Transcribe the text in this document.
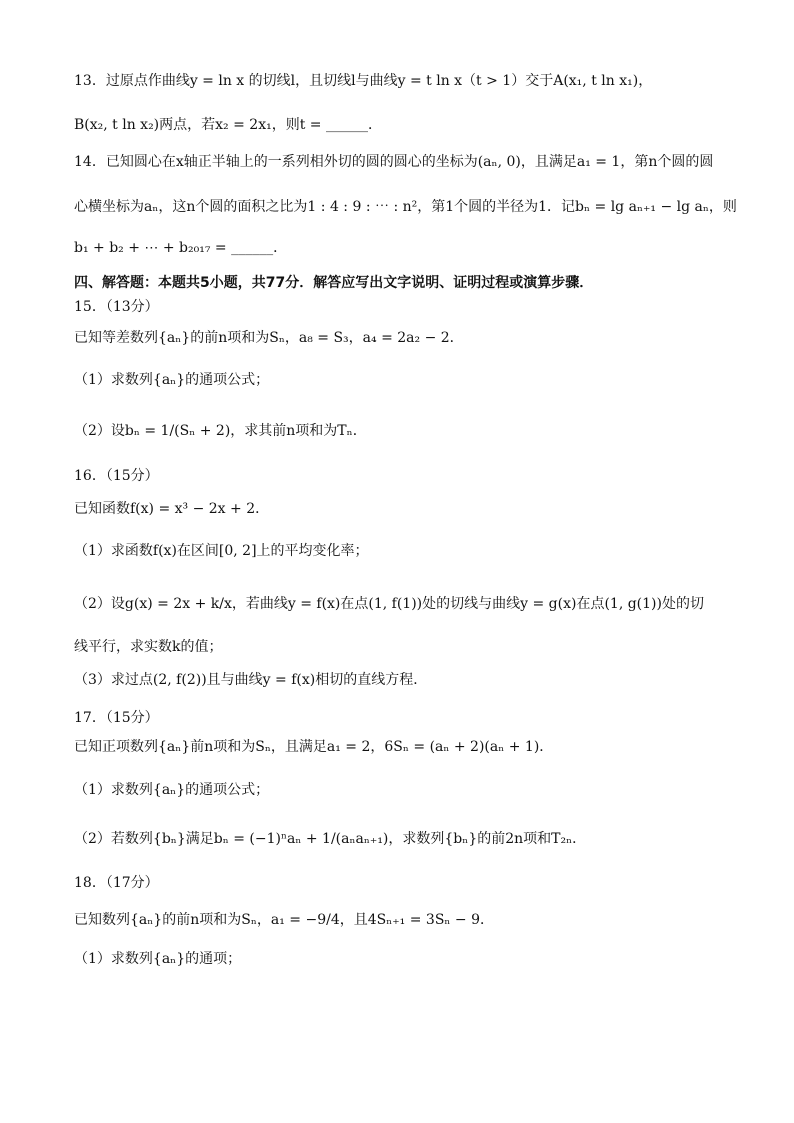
13．过原点作曲线y = ln x 的切线l，且切线l与曲线y = t ln x（t > 1）交于A(x₁, t ln x₁)，
B(x₂, t ln x₂)两点，若x₂ = 2x₁，则t = ______．
14．已知圆心在x轴正半轴上的一系列相外切的圆的圆心的坐标为(aₙ, 0)，且满足a₁ = 1，第n个圆的圆
心横坐标为aₙ，这n个圆的面积之比为1 : 4 : 9 : ⋯ : n²，第1个圆的半径为1．记bₙ = lg aₙ₊₁ − lg aₙ，则
b₁ + b₂ + ⋯ + b₂₀₁₇ = ______．
四、解答题：本题共5小题，共77分．解答应写出文字说明、证明过程或演算步骤．
15．（13分）
已知等差数列{aₙ}的前n项和为Sₙ，a₈ = S₃，a₄ = 2a₂ − 2．
（1）求数列{aₙ}的通项公式；
（2）设bₙ = 1/(Sₙ + 2)，求其前n项和为Tₙ．
16．（15分）
已知函数f(x) = x³ − 2x + 2．
（1）求函数f(x)在区间[0, 2]上的平均变化率；
（2）设g(x) = 2x + k/x，若曲线y = f(x)在点(1, f(1))处的切线与曲线y = g(x)在点(1, g(1))处的切
线平行，求实数k的值；
（3）求过点(2, f(2))且与曲线y = f(x)相切的直线方程．
17．（15分）
已知正项数列{aₙ}前n项和为Sₙ，且满足a₁ = 2，6Sₙ = (aₙ + 2)(aₙ + 1)．
（1）求数列{aₙ}的通项公式；
（2）若数列{bₙ}满足bₙ = (−1)ⁿaₙ + 1/(aₙaₙ₊₁)，求数列{bₙ}的前2n项和T₂ₙ．
18．（17分）
已知数列{aₙ}的前n项和为Sₙ，a₁ = −9/4，且4Sₙ₊₁ = 3Sₙ − 9．
（1）求数列{aₙ}的通项；
